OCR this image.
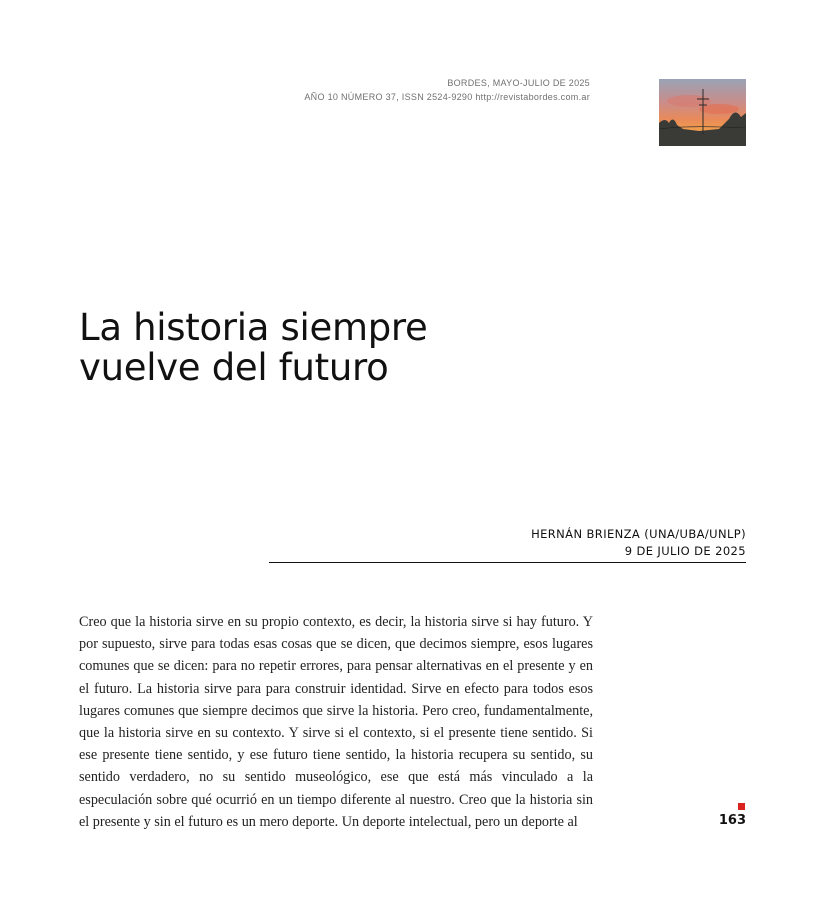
BORDES, MAYO-JULIO DE 2025
AÑO 10 NÚMERO 37, ISSN 2524-9290 http://revistabordes.com.ar
La historia siempre
vuelve del futuro
HERNÁN BRIENZA (UNA/UBA/UNLP)
9 DE JULIO DE 2025

Creo que la historia sirve en su propio contexto, es decir, la historia sirve si hay futuro. Y por supuesto, sirve para todas esas cosas que se dicen, que decimos siempre, esos lugares comunes que se dicen: para no repetir errores, para pensar alternativas en el presente y en el futuro. La historia sirve para para construir identidad. Sirve en efecto para todos esos lugares comunes que siempre decimos que sirve la historia. Pero creo, fundamentalmente, que la historia sirve en su contexto. Y sirve si el contexto, si el presente tiene sentido. Si ese presente tiene sentido, y ese futuro tiene sentido, la historia recupera su sentido, su sentido verdadero, no su sentido museológico, ese que está más vinculado a la especulación sobre qué ocurrió en un tiempo diferente al nuestro. Creo que la historia sin el presente y sin el futuro es un mero deporte. Un deporte intelectual, pero un deporte al	163
